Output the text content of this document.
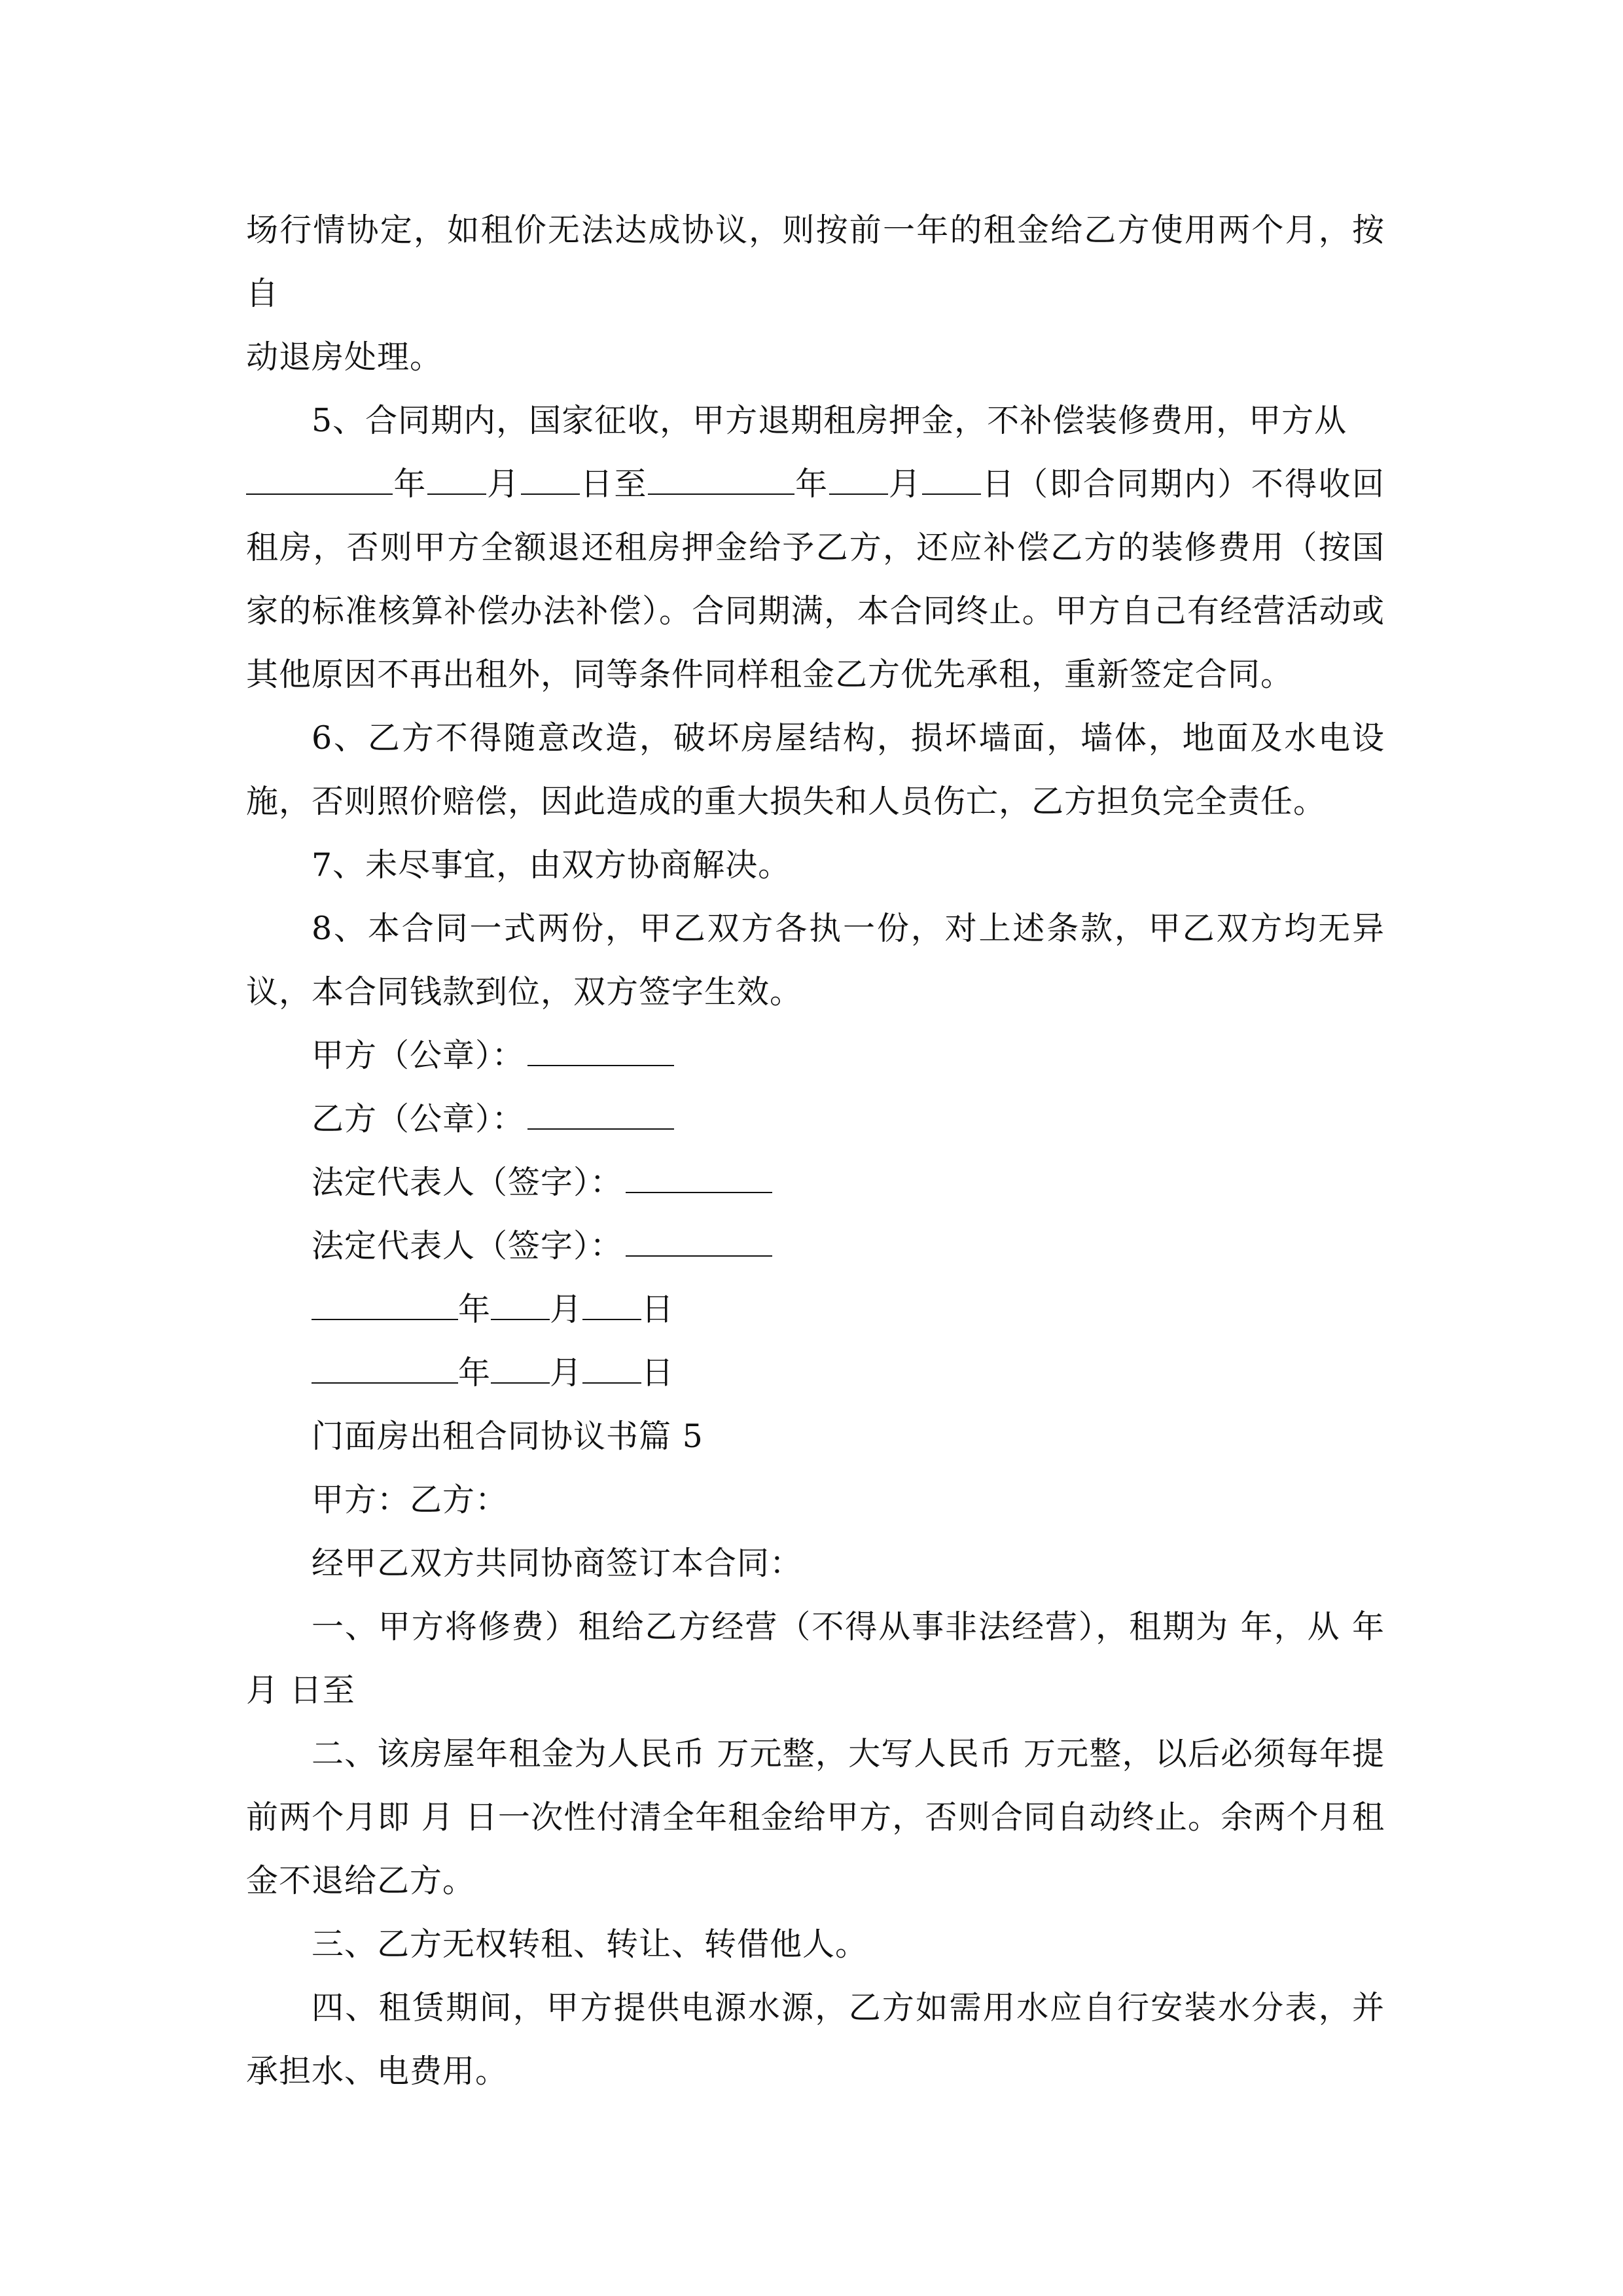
场行情协定，如租价无法达成协议，则按前一年的租金给乙方使用两个月，按自
动退房处理。
5、合同期内，国家征收，甲方退期租房押金，不补偿装修费用，甲方从
年 月 日至	年 月 日（即合同期内）不得收回租房，否则甲方全额退还租房押金给予乙方，还应补偿乙方的装修费用（按国家的标准核算补偿办法补偿）。合同期满，本合同终止。甲方自己有经营活动或其他原因不再出租外，同等条件同样租金乙方优先承租，重新签定合同。
6、乙方不得随意改造，破坏房屋结构，损坏墙面，墙体，地面及水电设施，否则照价赔偿，因此造成的重大损失和人员伤亡，乙方担负完全责任。
7、未尽事宜，由双方协商解决。
8、本合同一式两份，甲乙双方各执一份，对上述条款，甲乙双方均无异议，本合同钱款到位，双方签字生效。
甲方（公章）：
乙方（公章）：
法定代表人（签字）：
法定代表人（签字）：
年 月 日
年 月 日
门面房出租合同协议书篇 5
甲方：乙方：
经甲乙双方共同协商签订本合同：
一、甲方将修费）租给乙方经营（不得从事非法经营），租期为 年，从 年 月 日至
二、该房屋年租金为人民币 万元整，大写人民币 万元整，以后必须每年提前两个月即 月 日一次性付清全年租金给甲方，否则合同自动终止。余两个月租金不退给乙方。
三、乙方无权转租、转让、转借他人。
四、租赁期间，甲方提供电源水源，乙方如需用水应自行安装水分表，并承担水、电费用。
